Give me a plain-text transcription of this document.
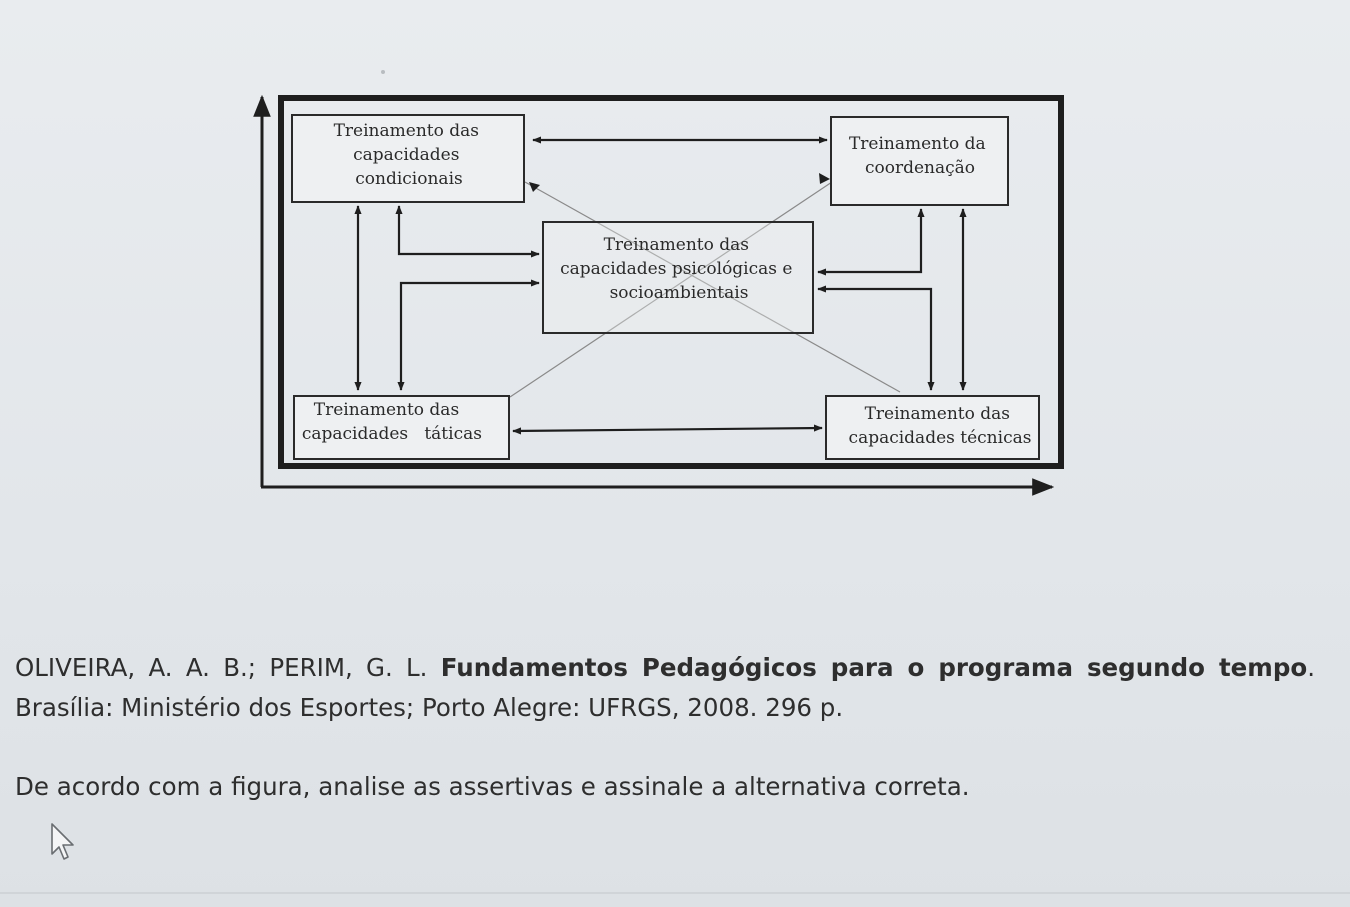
Treinamento das capacidades condicionais
Treinamento da coordenação
Treinamento das capacidades psicológicas e socioambientais
Treinamento das capacidades   táticas
Treinamento das capacidades técnicas
OLIVEIRA, A. A. B.; PERIM, G. L. Fundamentos Pedagógicos para o programa segundo tempo. Brasília: Ministério dos Esportes; Porto Alegre: UFRGS, 2008. 296 p.
De acordo com a figura, analise as assertivas e assinale a alternativa correta.
